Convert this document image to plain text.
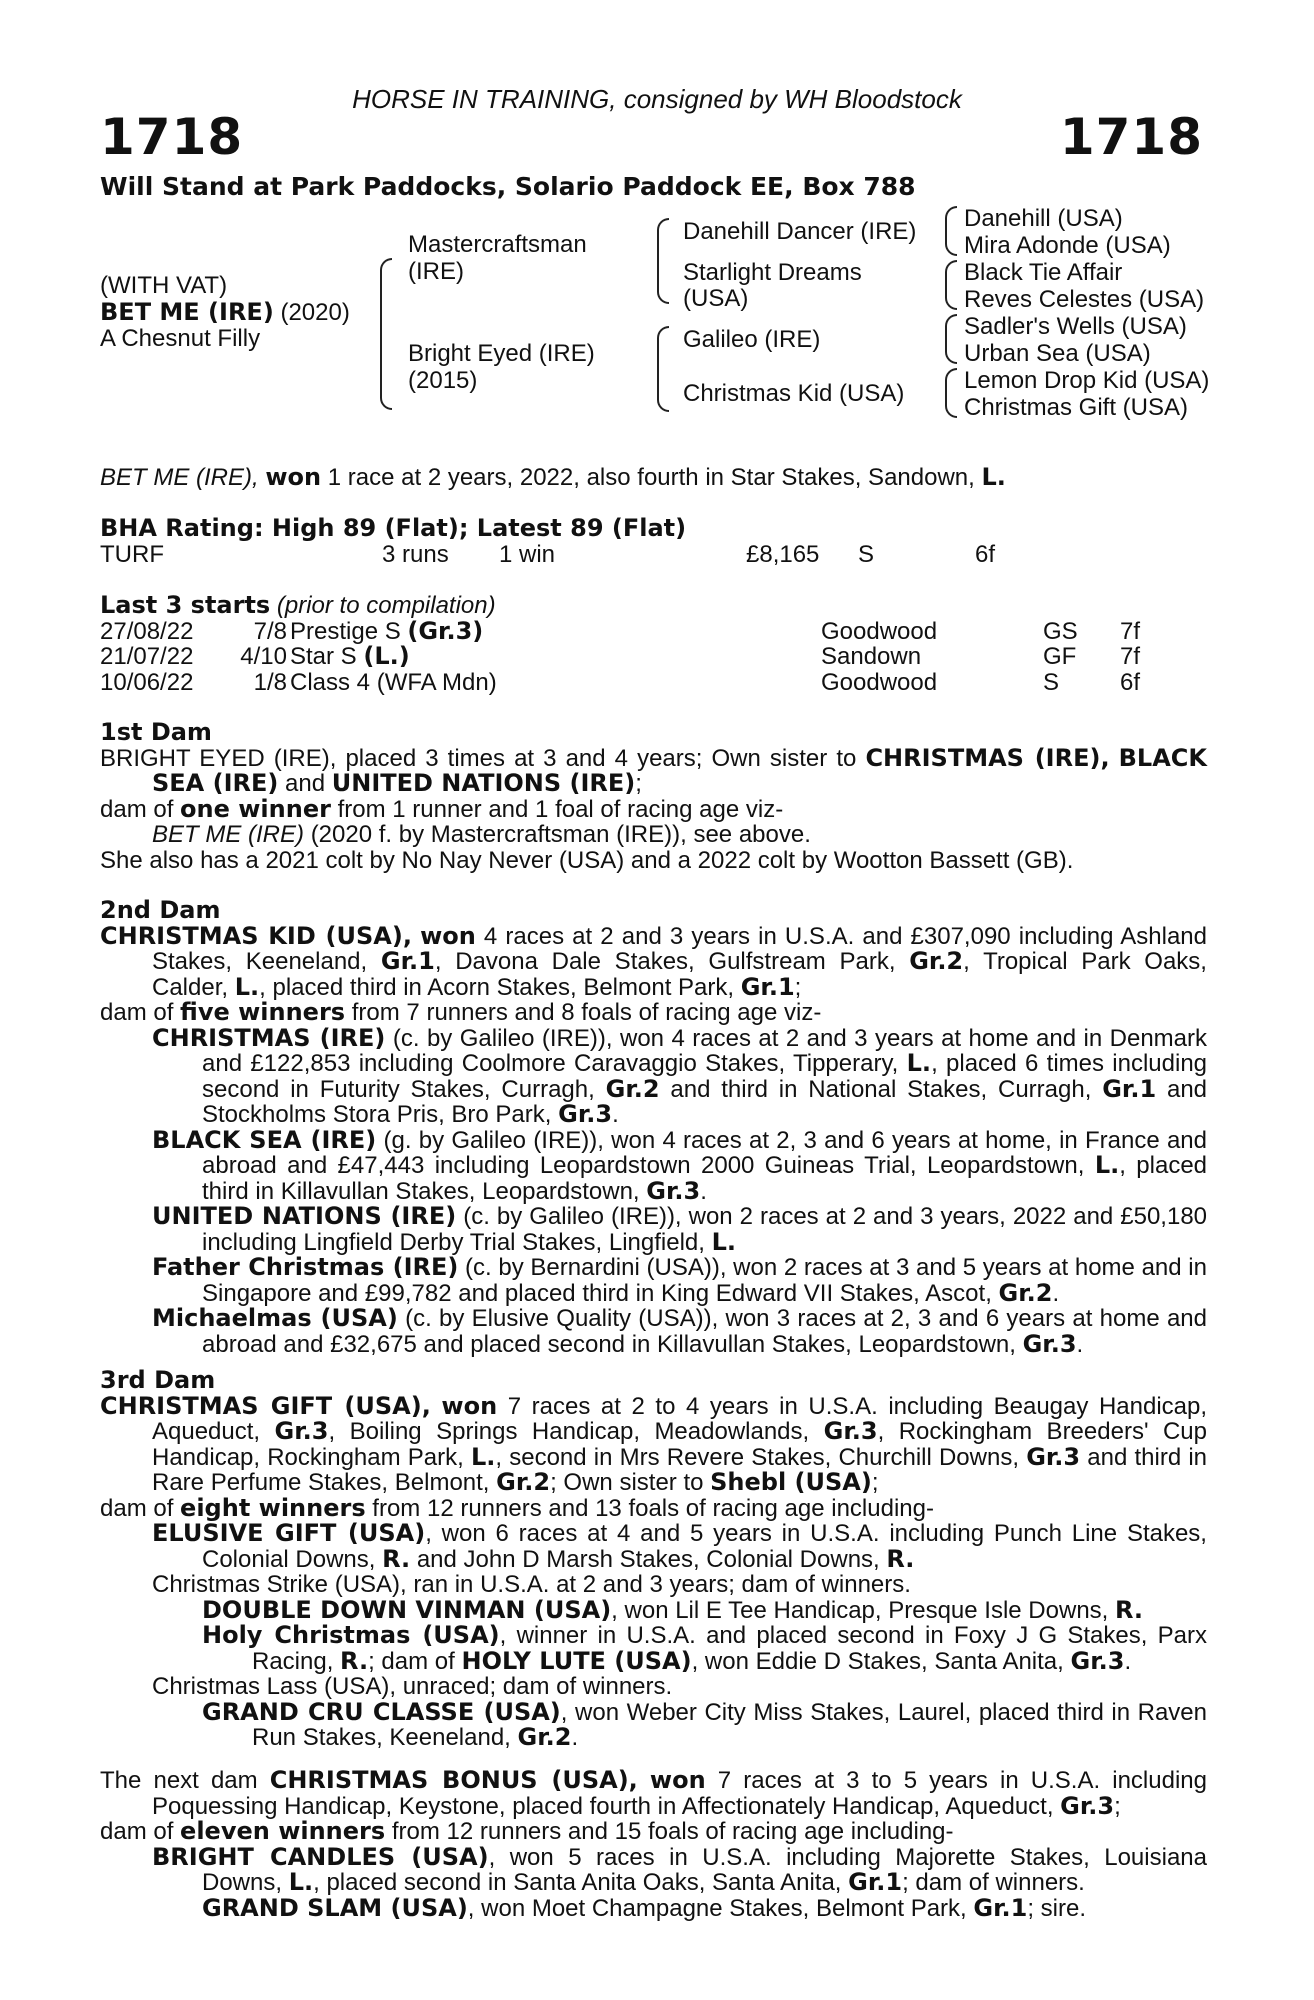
HORSE IN TRAINING, consigned by WH Bloodstock
1718	1718
Will Stand at Park Paddocks, Solario Paddock EE, Box 788
(WITH VAT)
BET ME (IRE) (2020)
A Chesnut Filly
Mastercraftsman
(IRE)
Bright Eyed (IRE)
(2015)
Danehill Dancer (IRE)
Starlight Dreams
(USA)
Galileo (IRE)
Christmas Kid (USA)
Danehill (USA)
Mira Adonde (USA)
Black Tie Affair
Reves Celestes (USA)
Sadler's Wells (USA)
Urban Sea (USA)
Lemon Drop Kid (USA)
Christmas Gift (USA)
BET ME (IRE), won 1 race at 2 years, 2022, also fourth in Star Stakes, Sandown, L.
BHA Rating: High 89 (Flat); Latest 89 (Flat)
TURF	3 runs 1 win	£8,165 S	6f
Last 3 starts (prior to compilation)
27/08/22	7/8 Prestige S (Gr.3)	Goodwood	GS 7f
21/07/22 4/10 Star S (L.)	Sandown	GF 7f
10/06/22	1/8 Class 4 (WFA Mdn)	Goodwood	S	6f
1st Dam
BRIGHT EYED (IRE), placed 3 times at 3 and 4 years; Own sister to CHRISTMAS (IRE), BLACK SEA (IRE) and UNITED NATIONS (IRE);
dam of one winner from 1 runner and 1 foal of racing age viz-
BET ME (IRE) (2020 f. by Mastercraftsman (IRE)), see above.
She also has a 2021 colt by No Nay Never (USA) and a 2022 colt by Wootton Bassett (GB).
2nd Dam
CHRISTMAS KID (USA), won 4 races at 2 and 3 years in U.S.A. and £307,090 including Ashland Stakes, Keeneland, Gr.1, Davona Dale Stakes, Gulfstream Park, Gr.2, Tropical Park Oaks, Calder, L., placed third in Acorn Stakes, Belmont Park, Gr.1;
dam of five winners from 7 runners and 8 foals of racing age viz-
CHRISTMAS (IRE) (c. by Galileo (IRE)), won 4 races at 2 and 3 years at home and in Denmark and £122,853 including Coolmore Caravaggio Stakes, Tipperary, L., placed 6 times including second in Futurity Stakes, Curragh, Gr.2 and third in National Stakes, Curragh, Gr.1 and Stockholms Stora Pris, Bro Park, Gr.3.
BLACK SEA (IRE) (g. by Galileo (IRE)), won 4 races at 2, 3 and 6 years at home, in France and abroad and £47,443 including Leopardstown 2000 Guineas Trial, Leopardstown, L., placed third in Killavullan Stakes, Leopardstown, Gr.3.
UNITED NATIONS (IRE) (c. by Galileo (IRE)), won 2 races at 2 and 3 years, 2022 and £50,180 including Lingfield Derby Trial Stakes, Lingfield, L.
Father Christmas (IRE) (c. by Bernardini (USA)), won 2 races at 3 and 5 years at home and in Singapore and £99,782 and placed third in King Edward VII Stakes, Ascot, Gr.2.
Michaelmas (USA) (c. by Elusive Quality (USA)), won 3 races at 2, 3 and 6 years at home and abroad and £32,675 and placed second in Killavullan Stakes, Leopardstown, Gr.3.
3rd Dam
CHRISTMAS GIFT (USA), won 7 races at 2 to 4 years in U.S.A. including Beaugay Handicap, Aqueduct, Gr.3, Boiling Springs Handicap, Meadowlands, Gr.3, Rockingham Breeders' Cup Handicap, Rockingham Park, L., second in Mrs Revere Stakes, Churchill Downs, Gr.3 and third in Rare Perfume Stakes, Belmont, Gr.2; Own sister to Shebl (USA);
dam of eight winners from 12 runners and 13 foals of racing age including-
ELUSIVE GIFT (USA), won 6 races at 4 and 5 years in U.S.A. including Punch Line Stakes, Colonial Downs, R. and John D Marsh Stakes, Colonial Downs, R.
Christmas Strike (USA), ran in U.S.A. at 2 and 3 years; dam of winners.
DOUBLE DOWN VINMAN (USA), won Lil E Tee Handicap, Presque Isle Downs, R.
Holy Christmas (USA), winner in U.S.A. and placed second in Foxy J G Stakes, Parx Racing, R.; dam of HOLY LUTE (USA), won Eddie D Stakes, Santa Anita, Gr.3.
Christmas Lass (USA), unraced; dam of winners.
GRAND CRU CLASSE (USA), won Weber City Miss Stakes, Laurel, placed third in Raven Run Stakes, Keeneland, Gr.2.
The next dam CHRISTMAS BONUS (USA), won 7 races at 3 to 5 years in U.S.A. including Poquessing Handicap, Keystone, placed fourth in Affectionately Handicap, Aqueduct, Gr.3;
dam of eleven winners from 12 runners and 15 foals of racing age including-
BRIGHT CANDLES (USA), won 5 races in U.S.A. including Majorette Stakes, Louisiana Downs, L., placed second in Santa Anita Oaks, Santa Anita, Gr.1; dam of winners.
GRAND SLAM (USA), won Moet Champagne Stakes, Belmont Park, Gr.1; sire.
